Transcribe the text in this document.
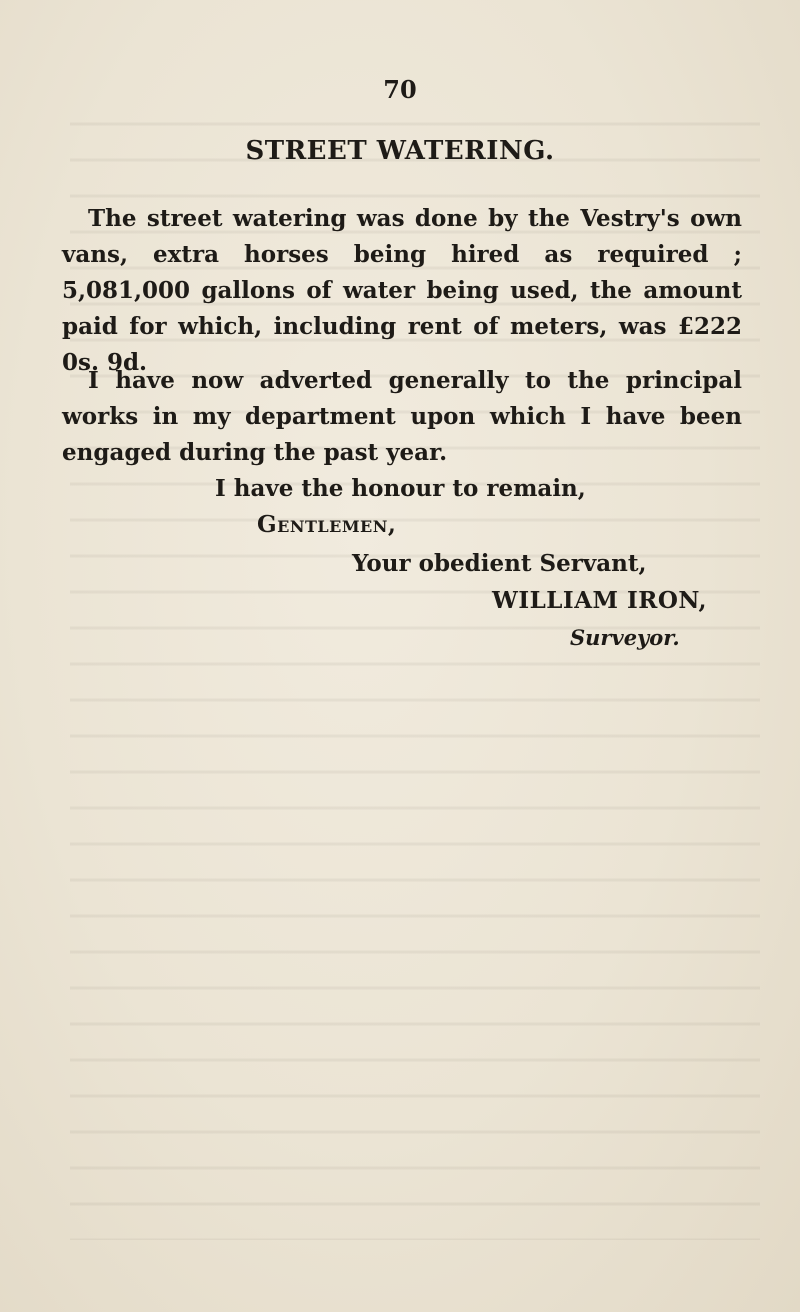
70
STREET WATERING.

The street watering was done by the Vestry's own vans, extra horses being hired as required ; 5,081,000 gallons of water being used, the amount paid for which, including rent of meters, was £222 0s. 9d.

I have now adverted generally to the principal works in my department upon which I have been engaged during the past year.

I have the honour to remain,
Gentlemen,
Your obedient Servant,
WILLIAM IRON,
Surveyor.
